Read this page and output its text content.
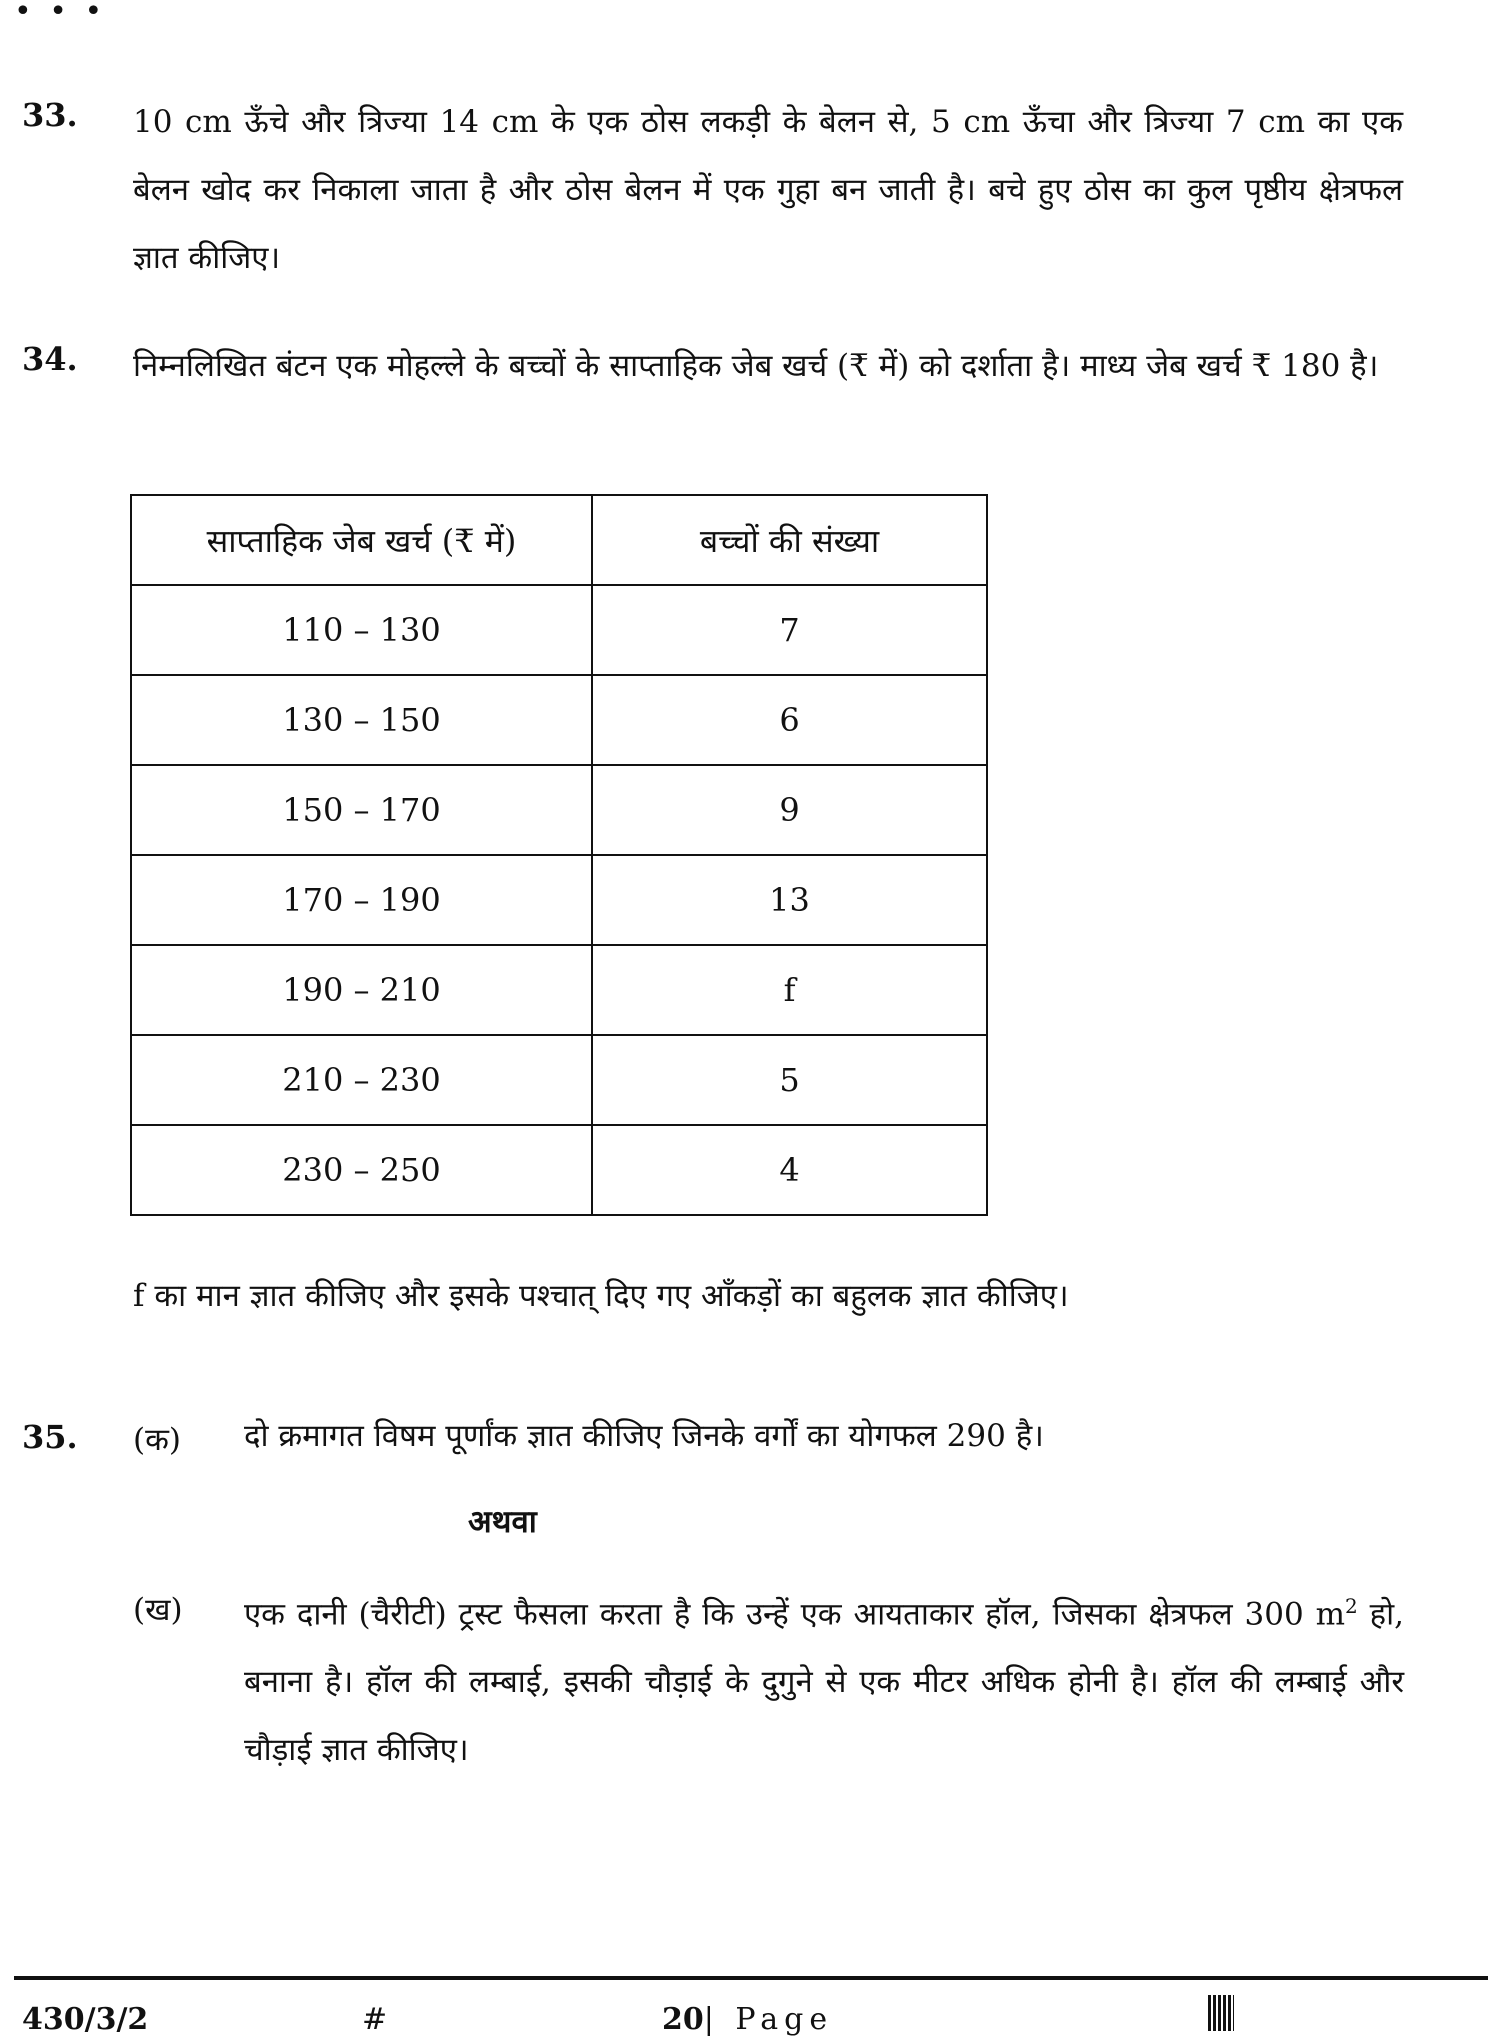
• • •
33. 10 cm ऊँचे और त्रिज्या 14 cm के एक ठोस लकड़ी के बेलन से, 5 cm ऊँचा और त्रिज्या 7 cm का एक बेलन खोद कर निकाला जाता है और ठोस बेलन में एक गुहा बन जाती है। बचे हुए ठोस का कुल पृष्ठीय क्षेत्रफल ज्ञात कीजिए।
34. निम्नलिखित बंटन एक मोहल्ले के बच्चों के साप्ताहिक जेब खर्च (₹ में) को दर्शाता है। माध्य जेब खर्च ₹ 180 है।
साप्ताहिक जेब खर्च (₹ में)	बच्चों की संख्या
110 – 130	7
130 – 150	6
150 – 170	9
170 – 190	13
190 – 210	f
210 – 230	5
230 – 250	4
f का मान ज्ञात कीजिए और इसके पश्चात् दिए गए आँकड़ों का बहुलक ज्ञात कीजिए।
35. (क) दो क्रमागत विषम पूर्णांक ज्ञात कीजिए जिनके वर्गों का योगफल 290 है।
अथवा
(ख) एक दानी (चैरीटी) ट्रस्ट फैसला करता है कि उन्हें एक आयताकार हॉल, जिसका क्षेत्रफल 300 $m^2$ हो, बनाना है। हॉल की लम्बाई, इसकी चौड़ाई के दुगुने से एक मीटर अधिक होनी है। हॉल की लम्बाई और चौड़ाई ज्ञात कीजिए।
430/3/2	#	20| Page
